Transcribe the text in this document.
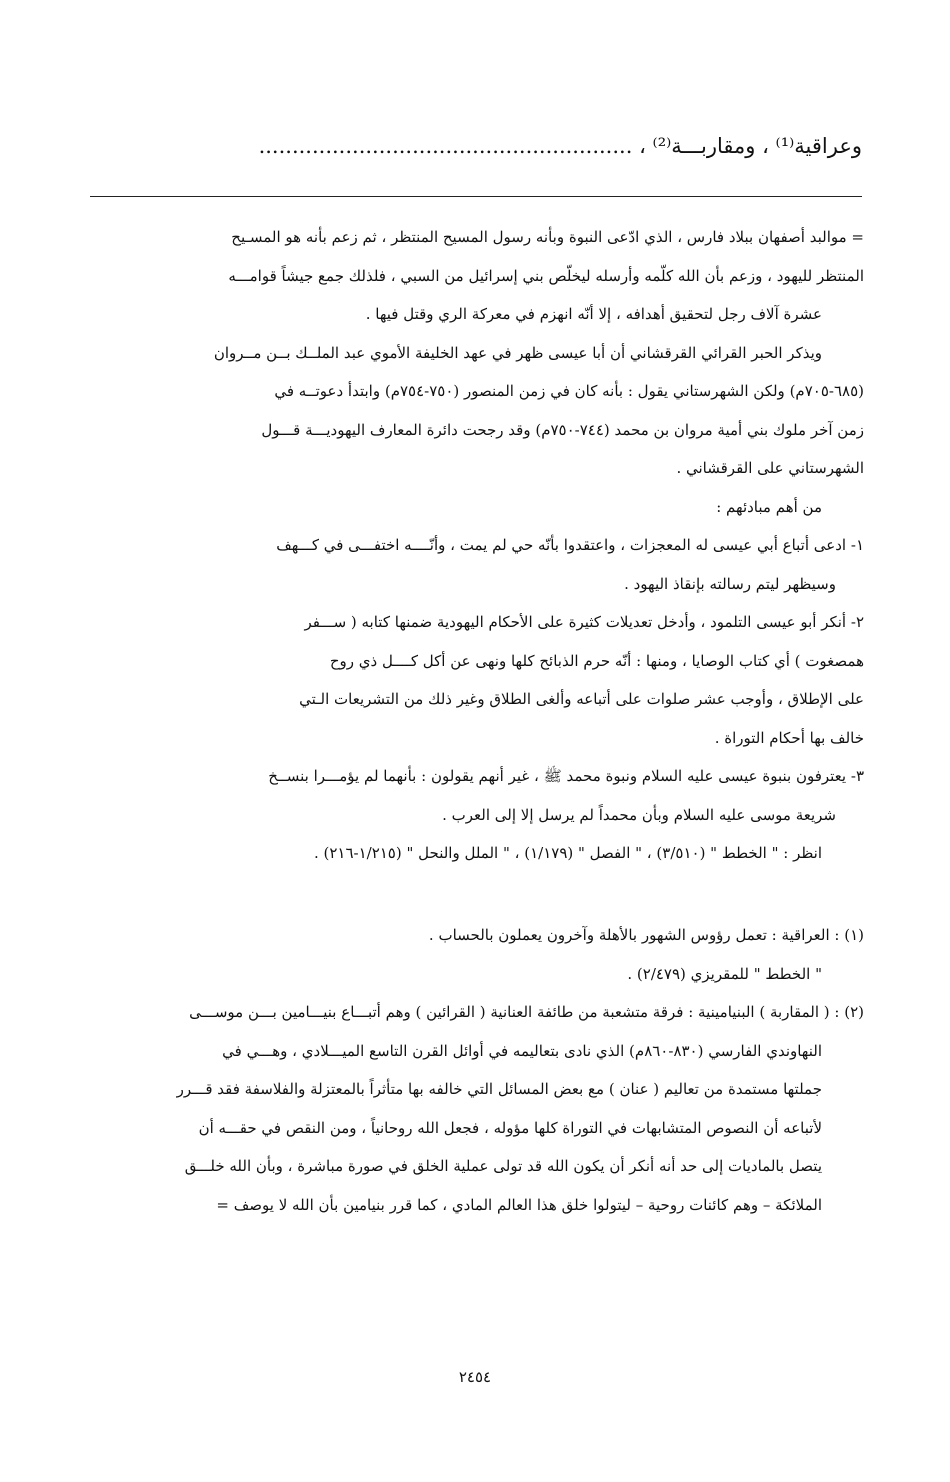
وعراقية⁽¹⁾ ، ومقاربـــة⁽²⁾ ، ........................................................

= موالبد أصفهان ببلاد فارس ، الذي ادّعى النبوة وبأنه رسول المسيح المنتظر ، ثم زعم بأنه هو المسـيح

المنتظر لليهود ، وزعم بأن الله كلّمه وأرسله ليخلّص بني إسرائيل من السبي ، فلذلك جمع جيشاً قوامـــه

عشرة آلاف رجل لتحقيق أهدافه ، إلا أنّه انهزم في معركة الري وقتل فيها .

ويذكر الحبر القرائي القرقشاني أن أبا عيسى ظهر في عهد الخليفة الأموي عبد الملــك بــن مــروان

(٦٨٥-٧٠٥م) ولكن الشهرستاني يقول : بأنه كان في زمن المنصور (٧٥٠-٧٥٤م) وابتدأ دعوتــه في

زمن آخر ملوك بني أمية مروان بن محمد (٧٤٤-٧٥٠م) وقد رجحت دائرة المعارف اليهوديـــة قـــول

الشهرستاني على القرقشاني .

من أهم مبادئهم :

١- ادعى أتباع أبي عيسى له المعجزات ، واعتقدوا بأنّه حي لم يمت ، وأنّــــه اختفـــى في كـــهف

وسيظهر ليتم رسالته بإنقاذ اليهود .

٢- أنكر أبو عيسى التلمود ، وأدخل تعديلات كثيرة على الأحكام اليهودية ضمنها كتابه ( ســـفر

همصغوت ) أي كتاب الوصايا ، ومنها : أنّه حرم الذبائح كلها ونهى عن أكل كــــل ذي روح

على الإطلاق ، وأوجب عشر صلوات على أتباعه وألغى الطلاق وغير ذلك من التشريعات الـتي

خالف بها أحكام التوراة .

٣- يعترفون بنبوة عيسى عليه السلام ونبوة محمد ﷺ ، غير أنهم يقولون : بأنهما لم يؤمـــرا بنســخ

شريعة موسى عليه السلام وبأن محمداً لم يرسل إلا إلى العرب .

انظر : " الخطط " (٣/٥١٠) ، " الفصل " (١/١٧٩) ، " الملل والنحل " (١/٢١٥-٢١٦) .

(١) : العراقية : تعمل رؤوس الشهور بالأهلة وآخرون يعملون بالحساب .

" الخطط " للمقريزي (٢/٤٧٩) .

(٢) : ( المقاربة ) البنيامينية : فرقة متشعبة من طائفة العنانية ( القرائين ) وهم أتبـــاع بنيـــامين بـــن موســـى

النهاوندي الفارسي (٨٣٠-٨٦٠م) الذي نادى بتعاليمه في أوائل القرن التاسع الميـــلادي ، وهـــي في

جملتها مستمدة من تعاليم ( عنان ) مع بعض المسائل التي خالفه بها متأثراً بالمعتزلة والفلاسفة فقد قـــرر

لأتباعه أن النصوص المتشابهات في التوراة كلها مؤوله ، فجعل الله روحانياً ، ومن النقص في حقـــه أن

يتصل بالماديات إلى حد أنه أنكر أن يكون الله قد تولى عملية الخلق في صورة مباشرة ، وبأن الله خلـــق

الملائكة – وهم كائنات روحية – ليتولوا خلق هذا العالم المادي ، كما قرر بنيامين بأن الله لا يوصف =

٢٤٥٤
